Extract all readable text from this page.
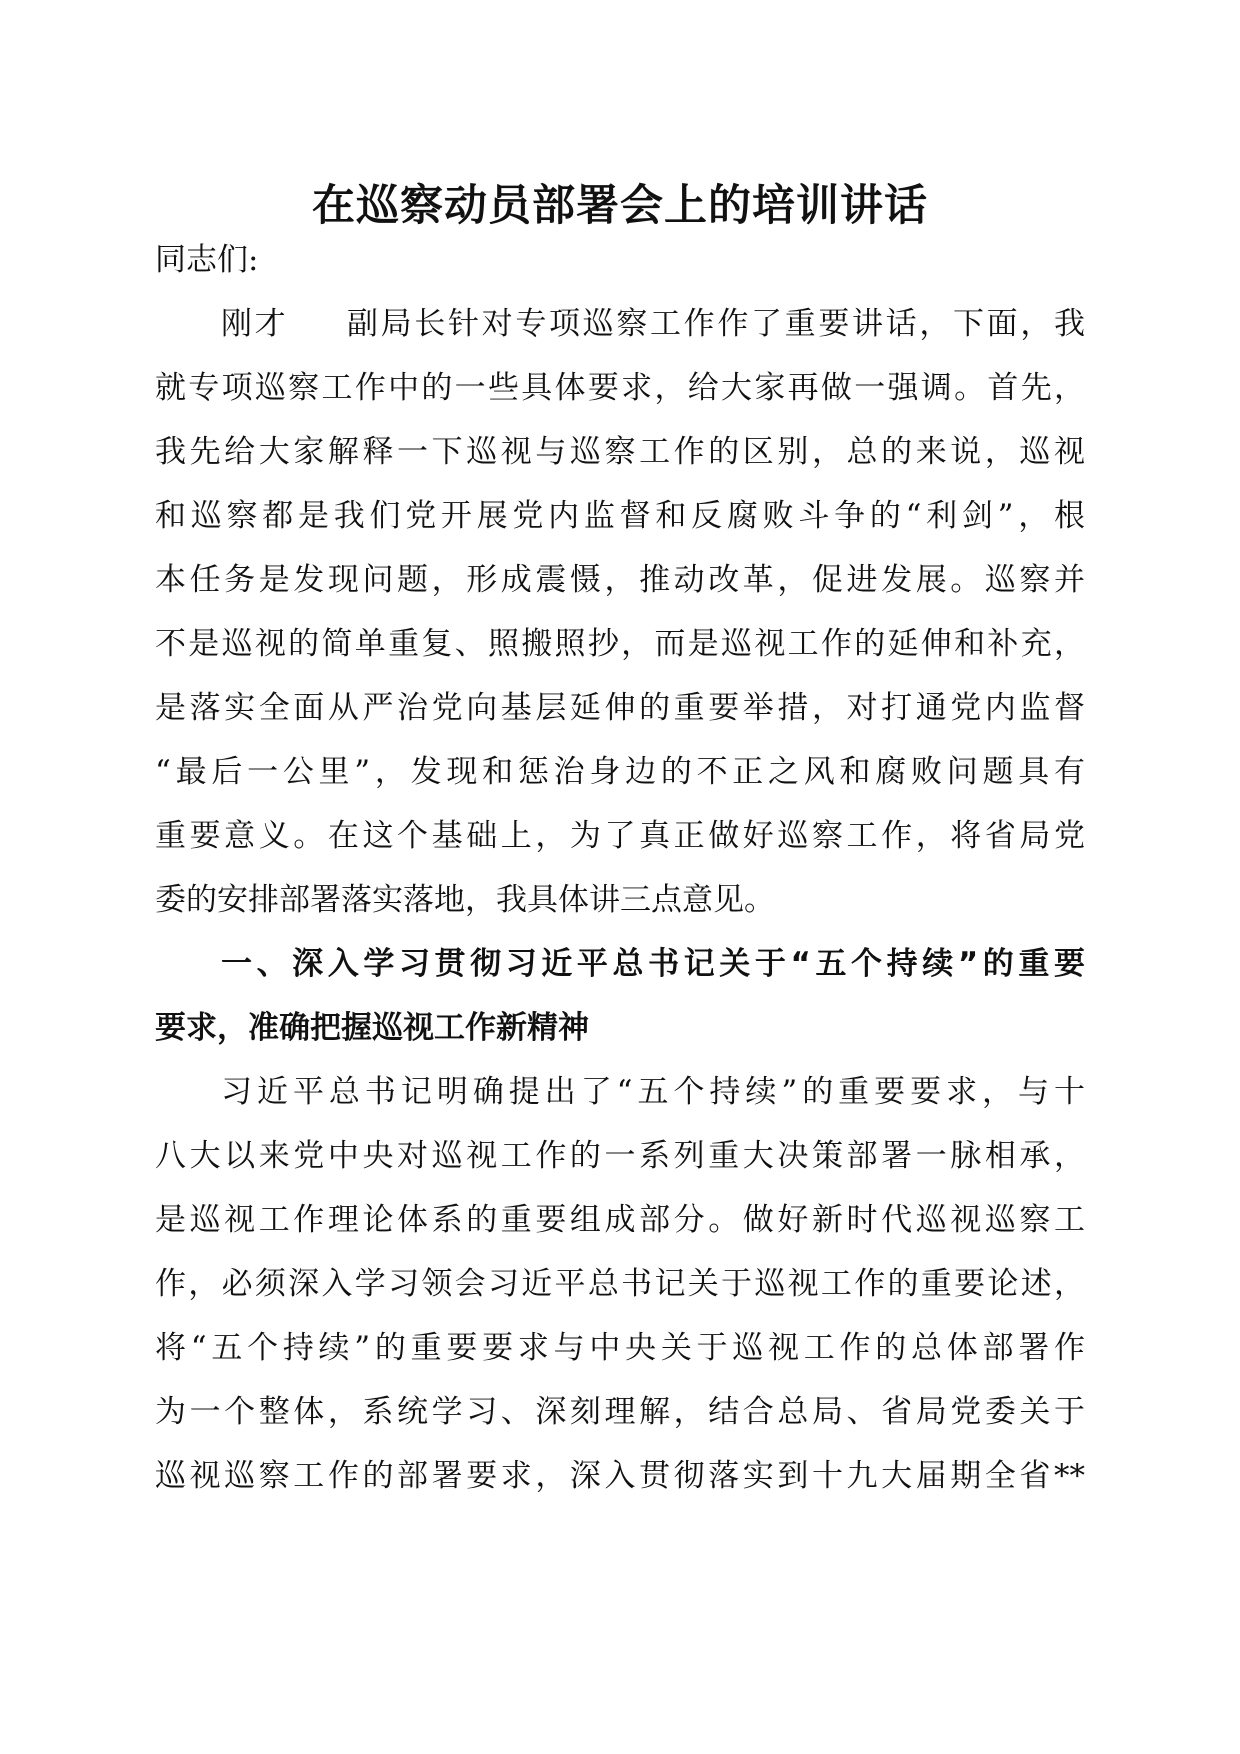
在巡察动员部署会上的培训讲话
同志们:
刚才 副局长针对专项巡察工作作了重要讲话，下面，我
就专项巡察工作中的一些具体要求，给大家再做一强调。首先，
我先给大家解释一下巡视与巡察工作的区别，总的来说，巡视
和巡察都是我们党开展党内监督和反腐败斗争的“利剑”，根
本任务是发现问题，形成震慑，推动改革，促进发展。巡察并
不是巡视的简单重复、照搬照抄，而是巡视工作的延伸和补充，
是落实全面从严治党向基层延伸的重要举措，对打通党内监督
“最后一公里”，发现和惩治身边的不正之风和腐败问题具有
重要意义。在这个基础上，为了真正做好巡察工作，将省局党
委的安排部署落实落地，我具体讲三点意见。
一、深入学习贯彻习近平总书记关于“五个持续”的重要
要求，准确把握巡视工作新精神
习近平总书记明确提出了“五个持续”的重要要求，与十
八大以来党中央对巡视工作的一系列重大决策部署一脉相承，
是巡视工作理论体系的重要组成部分。做好新时代巡视巡察工
作，必须深入学习领会习近平总书记关于巡视工作的重要论述，
将“五个持续”的重要要求与中央关于巡视工作的总体部署作
为一个整体，系统学习、深刻理解，结合总局、省局党委关于
巡视巡察工作的部署要求，深入贯彻落实到十九大届期全省**
